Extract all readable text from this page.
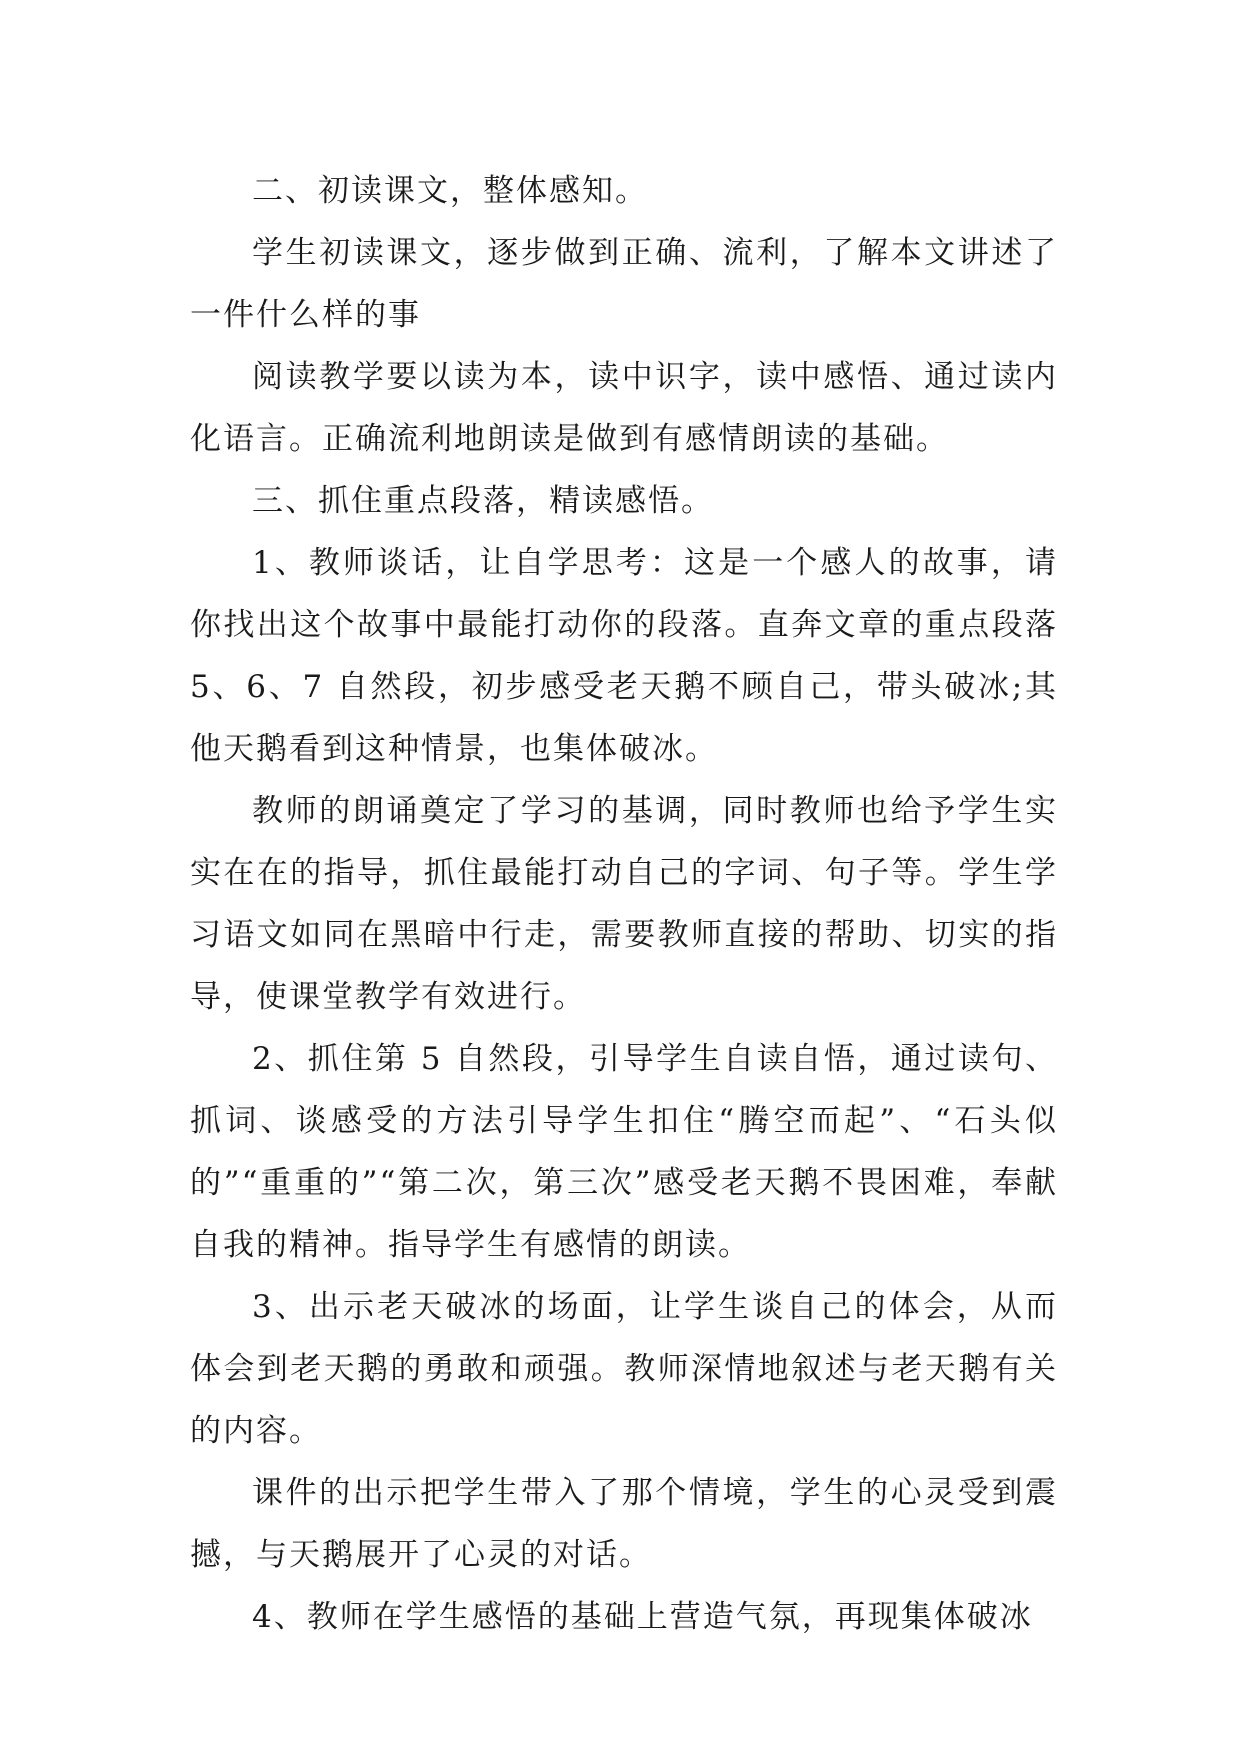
二、初读课文，整体感知。

学生初读课文，逐步做到正确、流利，了解本文讲述了一件什么样的事

阅读教学要以读为本，读中识字，读中感悟、通过读内化语言。正确流利地朗读是做到有感情朗读的基础。

三、抓住重点段落，精读感悟。

1、教师谈话，让自学思考：这是一个感人的故事，请你找出这个故事中最能打动你的段落。直奔文章的重点段落 5、6、7 自然段，初步感受老天鹅不顾自己，带头破冰;其他天鹅看到这种情景，也集体破冰。

教师的朗诵奠定了学习的基调，同时教师也给予学生实实在在的指导，抓住最能打动自己的字词、句子等。学生学习语文如同在黑暗中行走，需要教师直接的帮助、切实的指导，使课堂教学有效进行。

2、抓住第 5 自然段，引导学生自读自悟，通过读句、抓词、谈感受的方法引导学生扣住“腾空而起”、“石头似的”“重重的”“第二次，第三次”感受老天鹅不畏困难，奉献自我的精神。指导学生有感情的朗读。

3、出示老天破冰的场面，让学生谈自己的体会，从而体会到老天鹅的勇敢和顽强。教师深情地叙述与老天鹅有关的内容。

课件的出示把学生带入了那个情境，学生的心灵受到震撼，与天鹅展开了心灵的对话。

4、教师在学生感悟的基础上营造气氛，再现集体破冰
